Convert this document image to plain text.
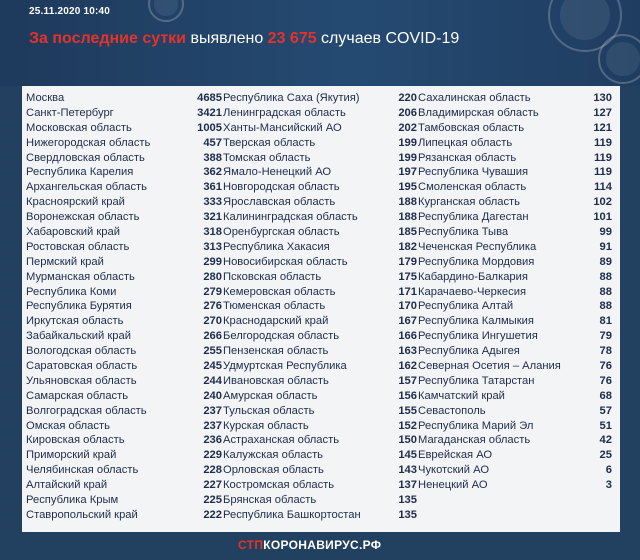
25.11.2020 10:40
За последние сутки выявлено 23 675 случаев COVID-19
Москва	4685
Санкт-Петербург	3421
Московская область	1005
Нижегородская область	457
Свердловская область	388
Республика Карелия	362
Архангельская область	361
Красноярский край	333
Воронежская область	321
Хабаровский край	318
Ростовская область	313
Пермский край	299
Мурманская область	280
Республика Коми	279
Республика Бурятия	276
Иркутская область	270
Забайкальский край	266
Вологодская область	255
Саратовская область	245
Ульяновская область	244
Самарская область	240
Волгоградская область	237
Омская область	237
Кировская область	236
Приморский край	229
Челябинская область	228
Алтайский край	227
Республика Крым	225
Ставропольский край	222
Республика Саха (Якутия)	220
Ленинградская область	206
Ханты-Мансийский АО	202
Тверская область	199
Томская область	199
Ямало-Ненецкий АО	197
Новгородская область	195
Ярославская область	188
Калининградская область	188
Оренбургская область	185
Республика Хакасия	182
Новосибирская область	179
Псковская область	175
Кемеровская область	171
Тюменская область	170
Краснодарский край	167
Белгородская область	166
Пензенская область	163
Удмуртская Республика	162
Ивановская область	157
Амурская область	156
Тульская область	155
Курская область	152
Астраханская область	150
Калужская область	145
Орловская область	143
Костромская область	137
Брянская область	135
Республика Башкортостан	135
Сахалинская область	130
Владимирская область	127
Тамбовская область	121
Липецкая область	119
Рязанская область	119
Республика Чувашия	119
Смоленская область	114
Курганская область	102
Республика Дагестан	101
Республика Тыва	99
Чеченская Республика	91
Республика Мордовия	89
Кабардино-Балкария	88
Карачаево-Черкесия	88
Республика Алтай	88
Республика Калмыкия	81
Республика Ингушетия	79
Республика Адыгея	78
Северная Осетия – Алания	76
Республика Татарстан	76
Камчатский край	68
Севастополь	57
Республика Марий Эл	51
Магаданская область	42
Еврейская АО	25
Чукотский АО	6
Ненецкий АО	3
СТПКОРОНАВИРУС.РФ
